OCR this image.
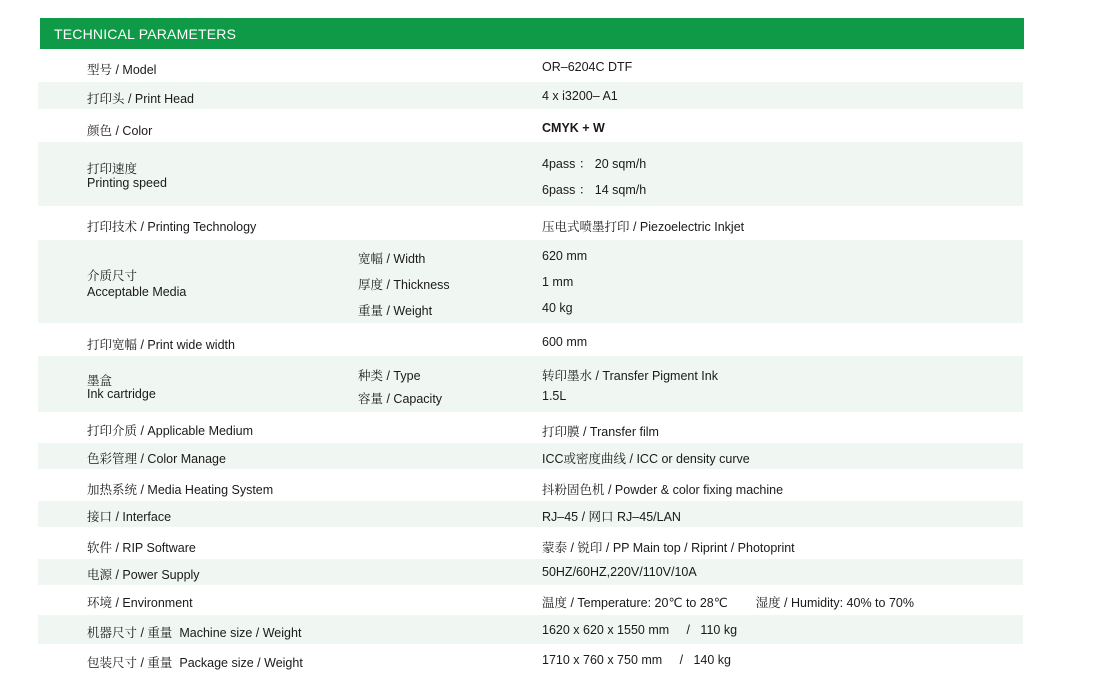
TECHNICAL PARAMETERS
型号 / Model	OR–6204C DTF
打印头 / Print Head	4 x i3200– A1
颜色 / Color	CMYK + W
打印速度
Printing speed
4pass ： 20 sqm/h
6pass ： 14 sqm/h
打印技术 / Printing Technology	压电式喷墨打印 / Piezoelectric Inkjet
介质尺寸
Acceptable Media
宽幅 / Width	620 mm
厚度 / Thickness	1 mm
重量 / Weight	40 kg
打印宽幅 / Print wide width	600 mm
墨盒
Ink cartridge
种类 / Type	转印墨水 / Transfer Pigment Ink
容量 / Capacity	1.5L
打印介质 / Applicable Medium	打印膜 / Transfer film
色彩管理 / Color Manage	ICC或密度曲线 / ICC or density curve
加热系统 / Media Heating System	抖粉固色机 / Powder & color fixing machine
接口 / Interface	RJ–45 / 网口 RJ–45/LAN
软件 / RIP Software	蒙泰 / 锐印 / PP Main top / Riprint / Photoprint
电源 / Power Supply	50HZ/60HZ,220V/110V/10A
环境 / Environment	温度 / Temperature: 20℃ to 28℃        湿度 / Humidity: 40% to 70%
机器尺寸 / 重量  Machine size / Weight	1620 x 620 x 1550 mm     /   110 kg
包装尺寸 / 重量  Package size / Weight	1710 x 760 x 750 mm     /   140 kg
